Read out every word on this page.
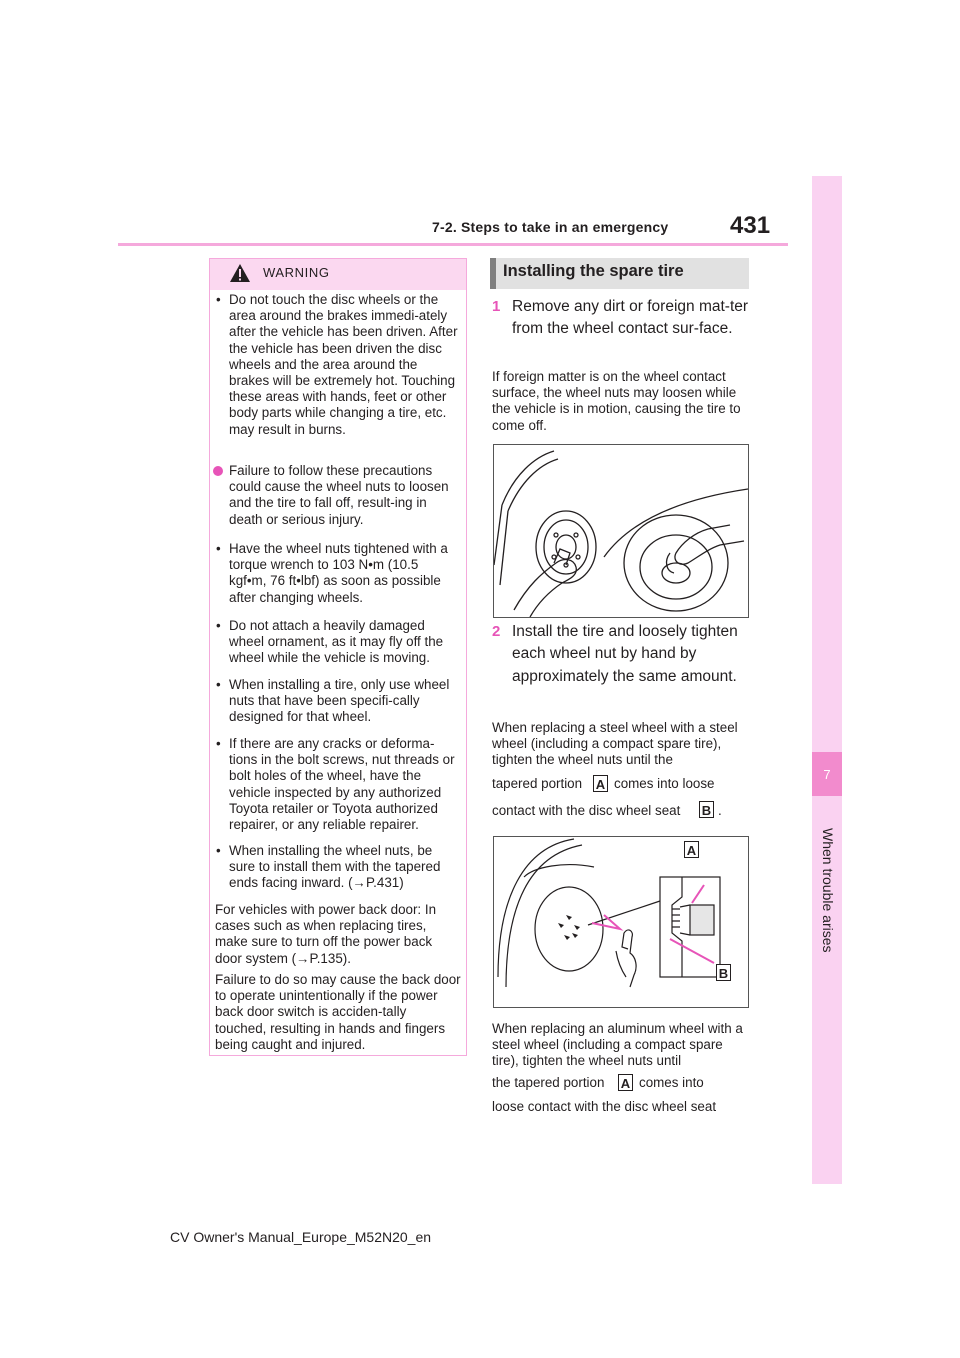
7-2. Steps to take in an emergency	431
7
When trouble arises
WARNING
• Do not touch the disc wheels or the area around the brakes immedi-ately after the vehicle has been driven. After the vehicle has been driven the disc wheels and the area around the brakes will be extremely hot. Touching these areas with hands, feet or other body parts while changing a tire, etc. may result in burns.

Failure to follow these precautions could cause the wheel nuts to loosen and the tire to fall off, result-ing in death or serious injury.

• Have the wheel nuts tightened with a torque wrench to 103 N•m (10.5 kgf•m, 76 ft•lbf) as soon as possible after changing wheels.

• Do not attach a heavily damaged wheel ornament, as it may fly off the wheel while the vehicle is moving.

• When installing a tire, only use wheel nuts that have been specifi-cally designed for that wheel.

• If there are any cracks or deforma-tions in the bolt screws, nut threads or bolt holes of the wheel, have the vehicle inspected by any authorized Toyota retailer or Toyota authorized repairer, or any reliable repairer.

• When installing the wheel nuts, be sure to install them with the tapered ends facing inward. (→P.431)

For vehicles with power back door: In cases such as when replacing tires, make sure to turn off the power back door system (→P.135).

Failure to do so may cause the back door to operate unintentionally if the power back door switch is acciden-tally touched, resulting in hands and fingers being caught and injured.

Installing the spare tire
1 Remove any dirt or foreign mat-ter from the wheel contact sur-face.

If foreign matter is on the wheel contact surface, the wheel nuts may loosen while the vehicle is in motion, causing the tire to come off.

2 Install the tire and loosely tighten each wheel nut by hand by approximately the same amount.

When replacing a steel wheel with a steel wheel (including a compact spare tire), tighten the wheel nuts until the

tapered portion A comes into loose
contact with the disc wheel seat B .
A
B

When replacing an aluminum wheel with a steel wheel (including a compact spare tire), tighten the wheel nuts until

the tapered portion A comes into
loose contact with the disc wheel seat
CV Owner's Manual_Europe_M52N20_en
